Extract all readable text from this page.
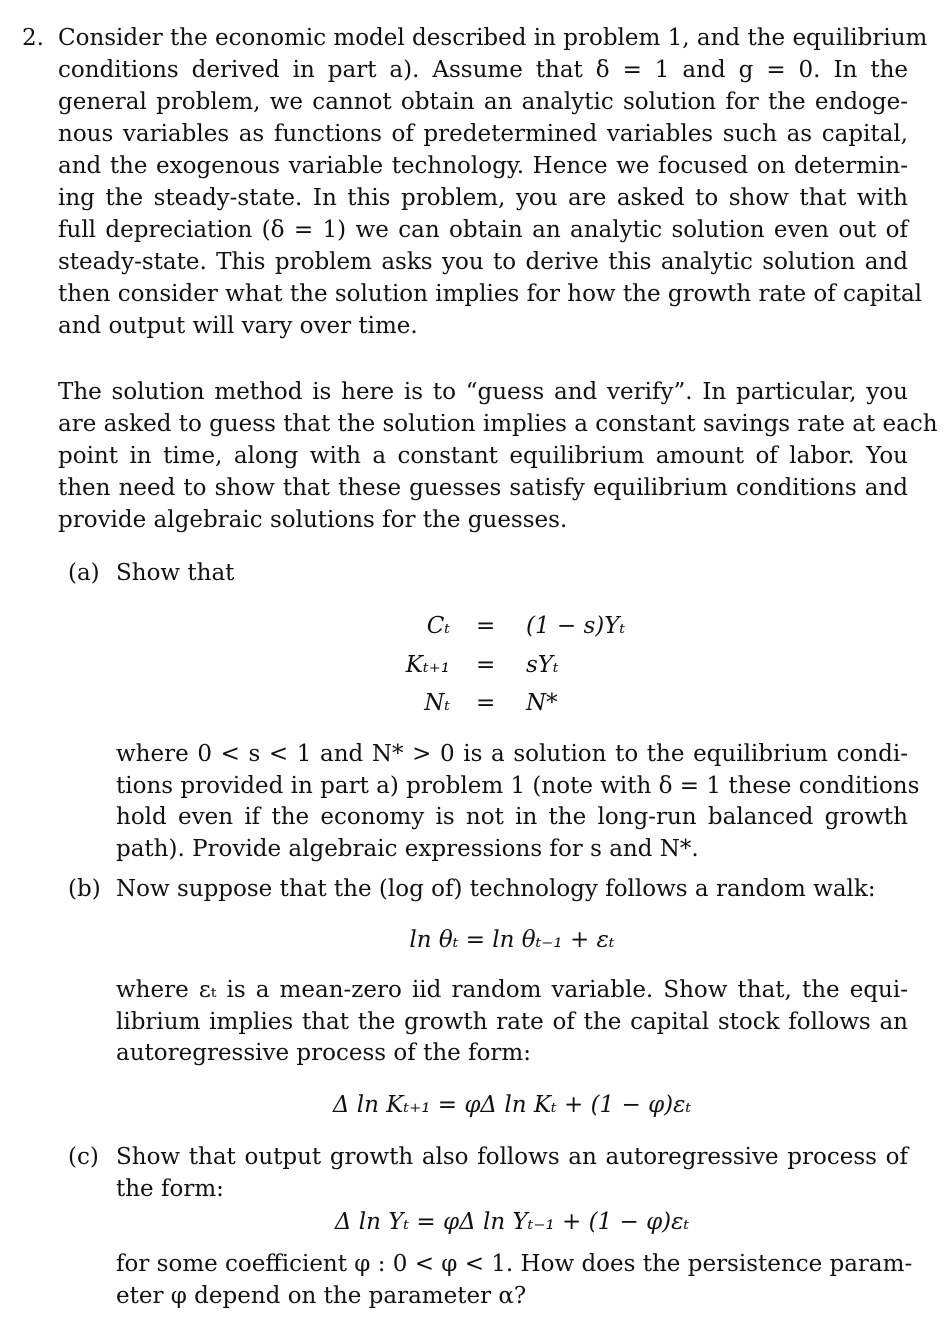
2. Consider the economic model described in problem 1, and the equilibrium
conditions derived in part a). Assume that δ = 1 and g = 0. In the
general problem, we cannot obtain an analytic solution for the endoge-
nous variables as functions of predetermined variables such as capital,
and the exogenous variable technology. Hence we focused on determin-
ing the steady-state. In this problem, you are asked to show that with
full depreciation (δ = 1) we can obtain an analytic solution even out of
steady-state. This problem asks you to derive this analytic solution and
then consider what the solution implies for how the growth rate of capital
and output will vary over time.
The solution method is here is to “guess and verify”. In particular, you
are asked to guess that the solution implies a constant savings rate at each
point in time, along with a constant equilibrium amount of labor. You
then need to show that these guesses satisfy equilibrium conditions and
provide algebraic solutions for the guesses.
(a) Show that
Cₜ = (1 − s)Yₜ
Kₜ₊₁ = sYₜ
Nₜ = N*
where 0 < s < 1 and N* > 0 is a solution to the equilibrium condi-
tions provided in part a) problem 1 (note with δ = 1 these conditions
hold even if the economy is not in the long-run balanced growth
path). Provide algebraic expressions for s and N*.
(b) Now suppose that the (log of) technology follows a random walk:
ln θₜ = ln θₜ₋₁ + εₜ
where εₜ is a mean-zero iid random variable. Show that, the equi-
librium implies that the growth rate of the capital stock follows an
autoregressive process of the form:
Δ ln Kₜ₊₁ = φΔ ln Kₜ + (1 − φ)εₜ
(c) Show that output growth also follows an autoregressive process of
the form:
Δ ln Yₜ = φΔ ln Yₜ₋₁ + (1 − φ)εₜ
for some coefficient φ : 0 < φ < 1. How does the persistence param-
eter φ depend on the parameter α?
